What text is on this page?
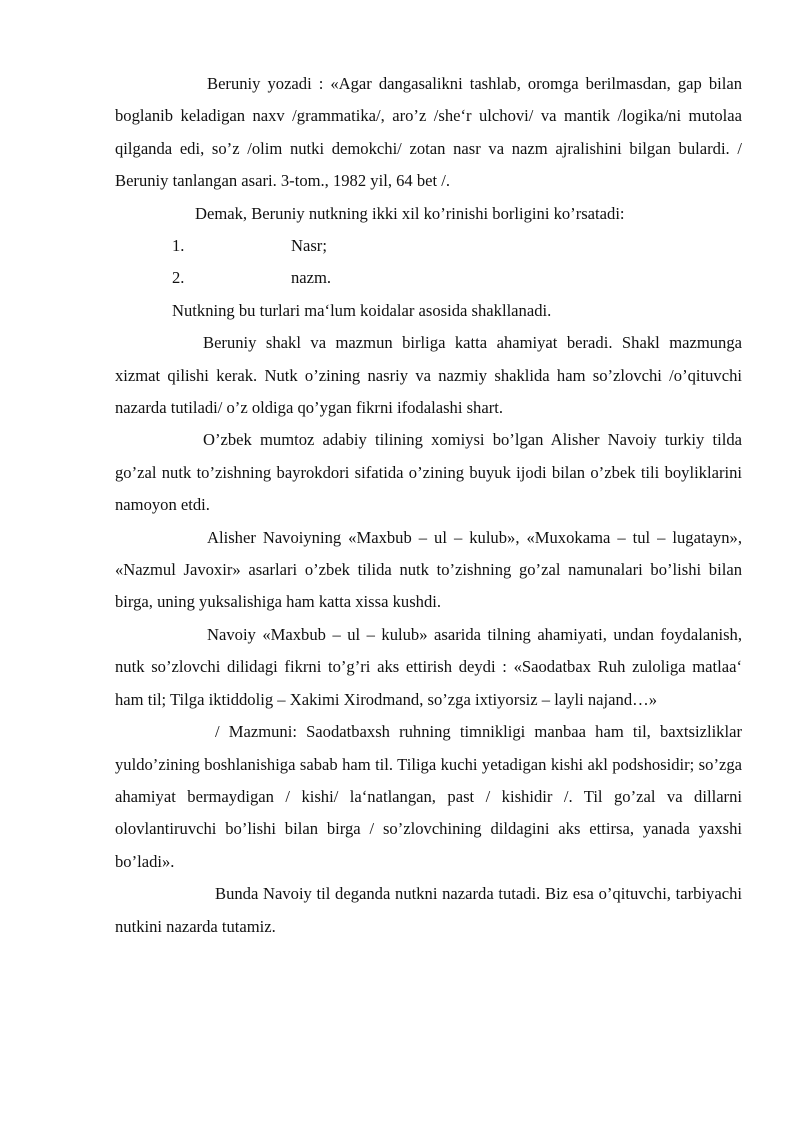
Beruniy yozadi : «Agar dangasalikni tashlab, oromga berilmasdan, gap bilan boglanib keladigan naxv /grammatika/, aro’z /she‘r ulchovi/ va mantik /logika/ni mutolaa qilganda edi, so’z /olim nutki demokchi/ zotan nasr va nazm ajralishini bilgan bulardi. / Beruniy tanlangan asari. 3-tom., 1982 yil, 64 bet /.

Demak, Beruniy nutkning ikki xil ko’rinishi borligini ko’rsatadi:

1.	Nasr;
2.	nazm.

Nutkning bu turlari ma‘lum koidalar asosida shakllanadi.

Beruniy shakl va mazmun birliga katta ahamiyat beradi. Shakl mazmunga xizmat qilishi kerak. Nutk o’zining nasriy va nazmiy shaklida ham so’zlovchi /o’qituvchi nazarda tutiladi/ o’z oldiga qo’ygan fikrni ifodalashi shart.

O’zbek mumtoz adabiy tilining xomiysi bo’lgan Alisher Navoiy turkiy tilda go’zal nutk to’zishning bayrokdori sifatida o’zining buyuk ijodi bilan o’zbek tili boyliklarini namoyon etdi.

Alisher Navoiyning «Maxbub – ul – kulub», «Muxokama – tul – lugatayn», «Nazmul Javoxir» asarlari o’zbek tilida nutk to’zishning go’zal namunalari bo’lishi bilan birga, uning yuksalishiga ham katta xissa kushdi.

Navoiy «Maxbub – ul – kulub» asarida tilning ahamiyati, undan foydalanish, nutk so’zlovchi dilidagi fikrni to’g’ri aks ettirish deydi : «Saodatbax Ruh zuloliga matlaa‘ ham til; Tilga iktiddolig – Xakimi Xirodmand, so’zga ixtiyorsiz – layli najand…»

/ Mazmuni: Saodatbaxsh ruhning timnikligi manbaa ham til, baxtsizliklar yuldo’zining boshlanishiga sabab ham til. Tiliga kuchi yetadigan kishi akl podshosidir; so’zga ahamiyat bermaydigan / kishi/ la‘natlangan, past / kishidir /. Til go’zal va dillarni olovlantiruvchi bo’lishi bilan birga / so’zlovchining dildagini aks ettirsa, yanada yaxshi bo’ladi».

Bunda Navoiy til deganda nutkni nazarda tutadi. Biz esa o’qituvchi, tarbiyachi nutkini nazarda tutamiz.
